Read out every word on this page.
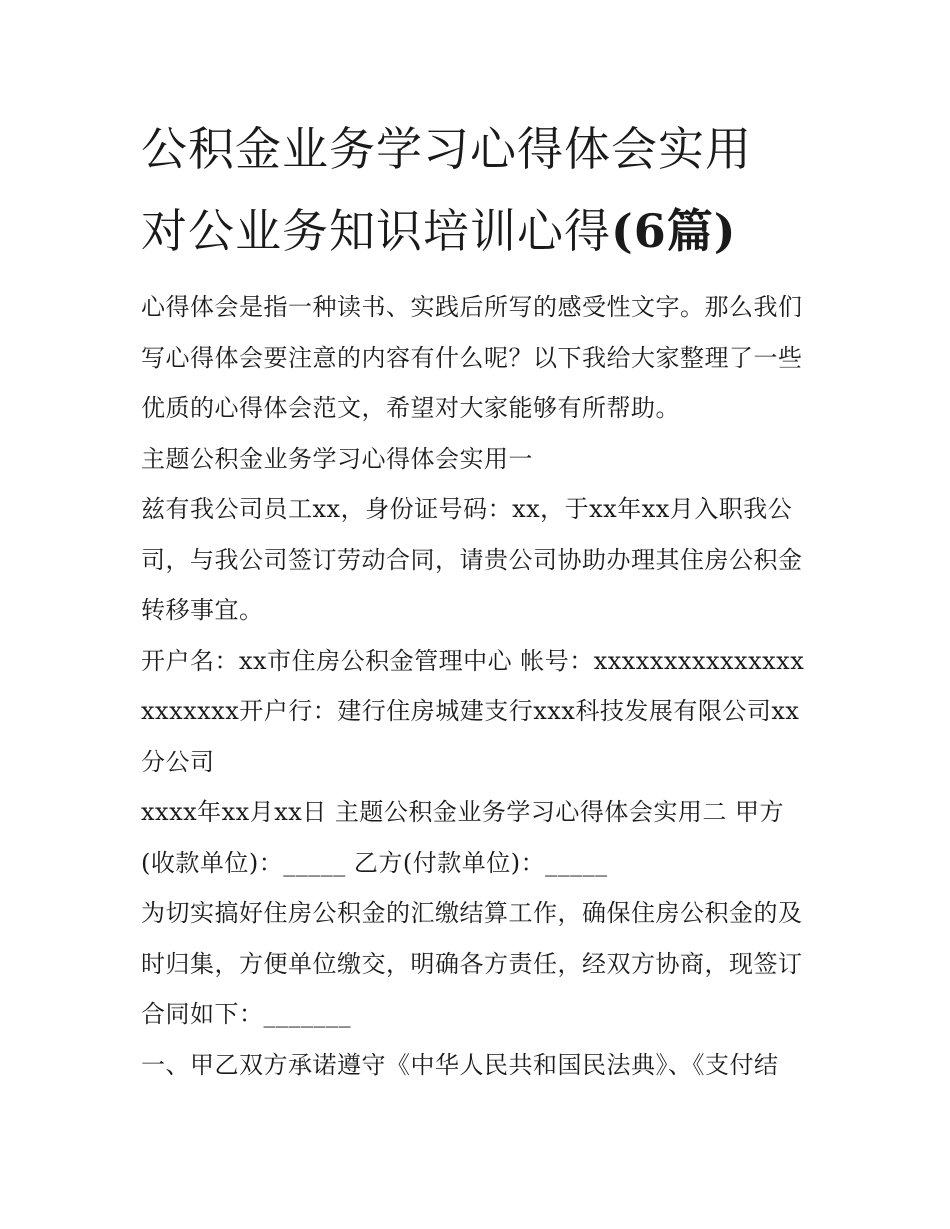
公积金业务学习心得体会实用
对公业务知识培训心得(6篇)

心得体会是指一种读书、实践后所写的感受性文字。那么我们写心得体会要注意的内容有什么呢？以下我给大家整理了一些优质的心得体会范文，希望对大家能够有所帮助。

主题公积金业务学习心得体会实用一

兹有我公司员工xx，身份证号码：xx，于xx年xx月入职我公司，与我公司签订劳动合同，请贵公司协助办理其住房公积金转移事宜。

开户名：xx市住房公积金管理中心 帐号：xxxxxxxxxxxxxxxxxxxxxx开户行：建行住房城建支行xxx科技发展有限公司xx分公司

xxxx年xx月xx日 主题公积金业务学习心得体会实用二 甲方(收款单位)：_____ 乙方(付款单位)：_____

为切实搞好住房公积金的汇缴结算工作，确保住房公积金的及时归集，方便单位缴交，明确各方责任，经双方协商，现签订合同如下：_______

一、甲乙双方承诺遵守《中华人民共和国民法典》、《支付结
